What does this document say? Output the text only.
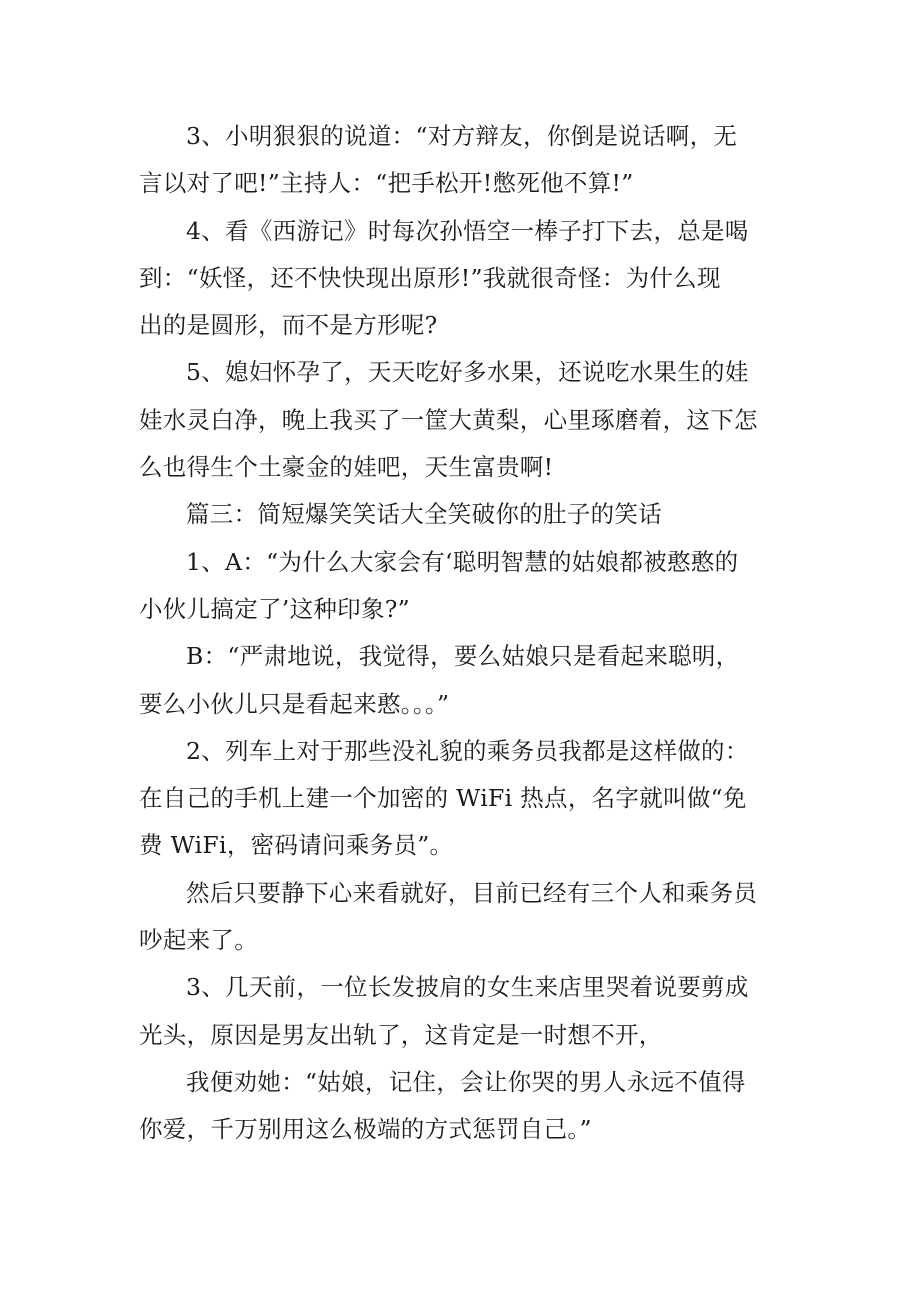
3、小明狠狠的说道：“对方辩友，你倒是说话啊，无
言以对了吧!”主持人：“把手松开!憋死他不算!”

4、看《西游记》时每次孙悟空一棒子打下去，总是喝
到：“妖怪，还不快快现出原形!”我就很奇怪：为什么现
出的是圆形，而不是方形呢?

5、媳妇怀孕了，天天吃好多水果，还说吃水果生的娃
娃水灵白净，晚上我买了一筐大黄梨，心里琢磨着，这下怎
么也得生个土豪金的娃吧，天生富贵啊!

篇三：简短爆笑笑话大全笑破你的肚子的笑话

1、A：“为什么大家会有‘聪明智慧的姑娘都被憨憨的
小伙儿搞定了’这种印象?”

B：“严肃地说，我觉得，要么姑娘只是看起来聪明，
要么小伙儿只是看起来憨。。。”

2、列车上对于那些没礼貌的乘务员我都是这样做的：
在自己的手机上建一个加密的 WiFi 热点，名字就叫做“免
费 WiFi，密码请问乘务员”。

然后只要静下心来看就好，目前已经有三个人和乘务员
吵起来了。

3、几天前，一位长发披肩的女生来店里哭着说要剪成
光头，原因是男友出轨了，这肯定是一时想不开，

我便劝她：“姑娘，记住，会让你哭的男人永远不值得
你爱，千万别用这么极端的方式惩罚自己。”
